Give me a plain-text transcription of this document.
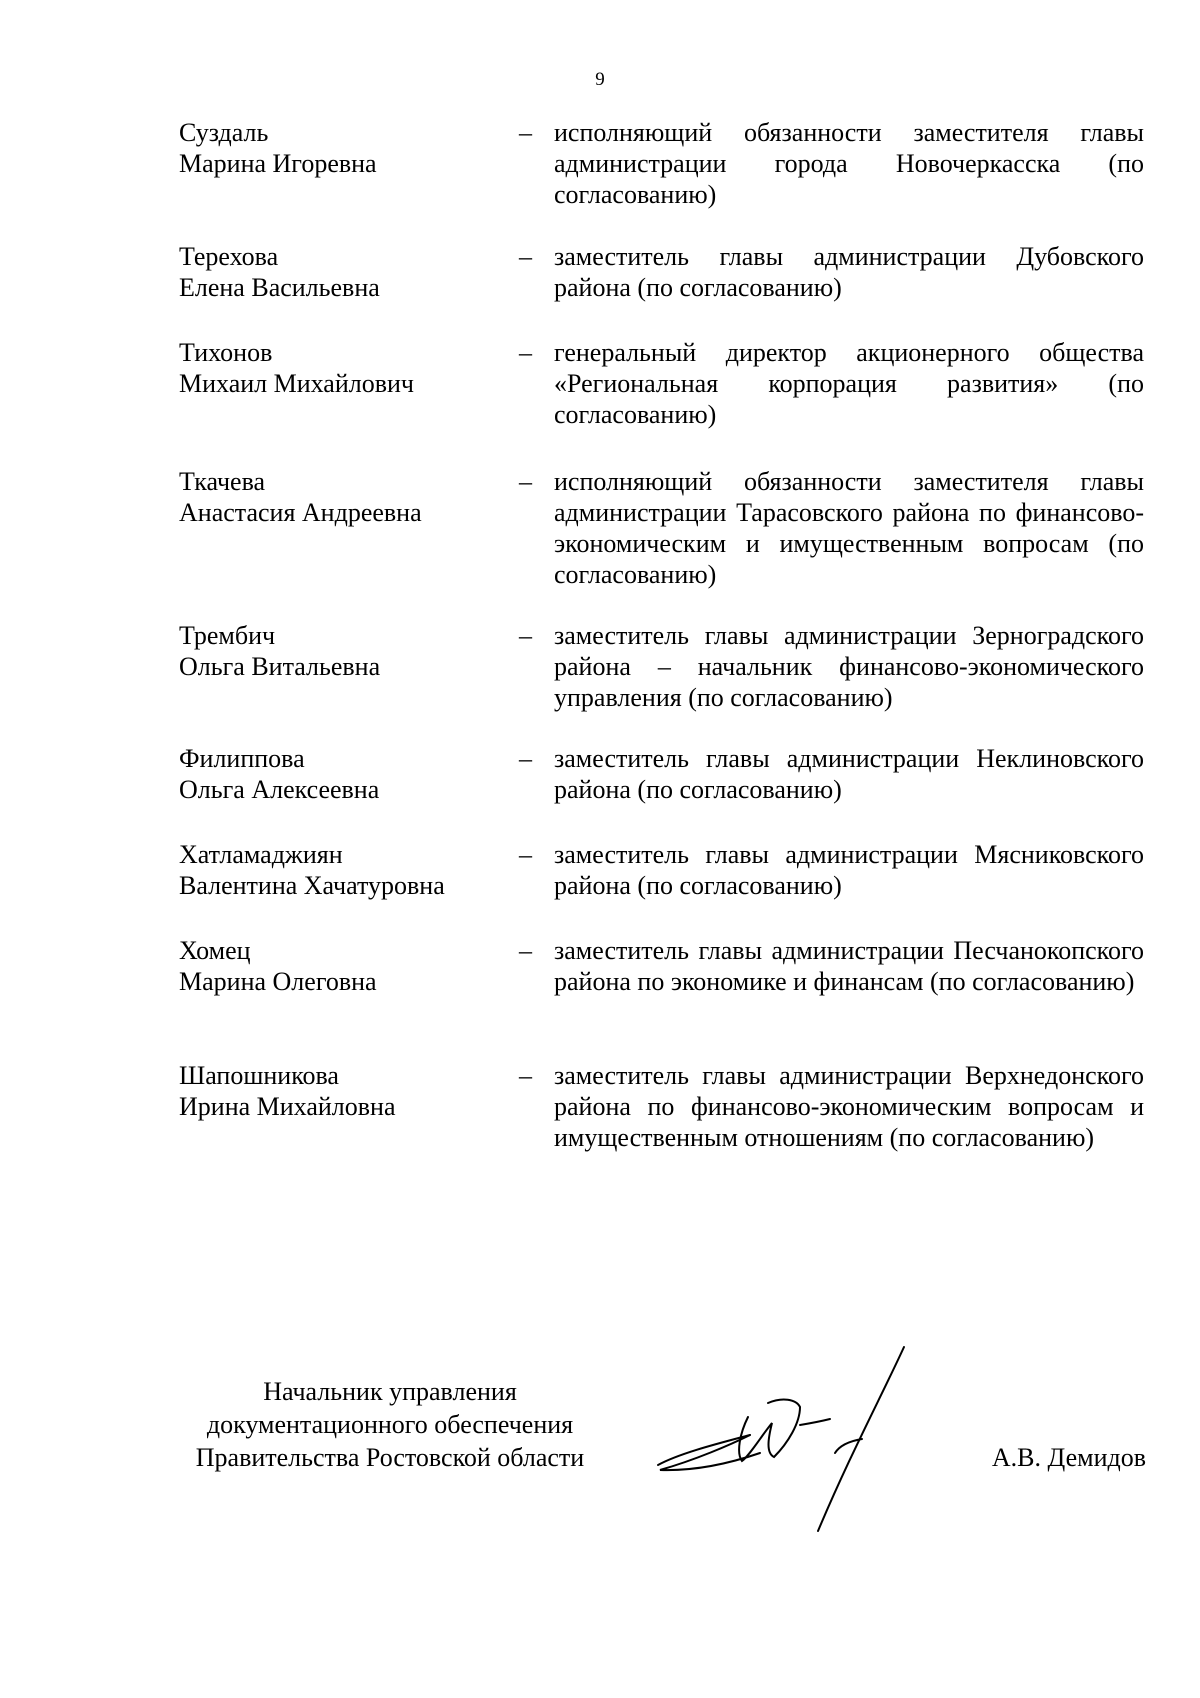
9
Суздаль
Марина Игоревна
– исполняющий обязанности заместителя главы администрации города Новочеркасска (по согласованию)
Терехова
Елена Васильевна
– заместитель главы администрации Дубовского района (по согласованию)
Тихонов
Михаил Михайлович
– генеральный директор акционерного общества «Региональная корпорация развития» (по согласованию)
Ткачева
Анастасия Андреевна
– исполняющий обязанности заместителя главы администрации Тарасовского района по финансово-экономическим и имущественным вопросам (по согласованию)
Трембич
Ольга Витальевна
– заместитель главы администрации Зерноградского района – начальник финансово-экономического управления (по согласованию)
Филиппова
Ольга Алексеевна
– заместитель главы администрации Неклиновского района (по согласованию)
Хатламаджиян
Валентина Хачатуровна
– заместитель главы администрации Мясниковского района (по согласованию)
Хомец
Марина Олеговна
– заместитель главы администрации Песчанокопского района по экономике и финансам (по согласованию)
Шапошникова
Ирина Михайловна
– заместитель главы администрации Верхнедонского района по финансово-экономическим вопросам и имущественным отношениям (по согласованию)
Начальник управления
документационного обеспечения
Правительства Ростовской области	А.В. Демидов
